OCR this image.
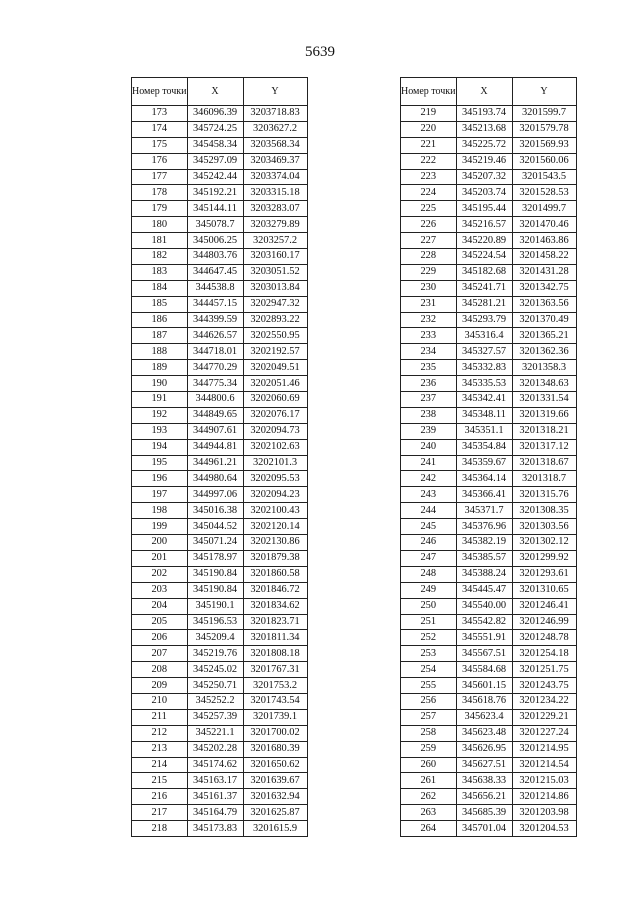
5639
Номер точки	X	Y
173	346096.39	3203718.83
174	345724.25	3203627.2
175	345458.34	3203568.34
176	345297.09	3203469.37
177	345242.44	3203374.04
178	345192.21	3203315.18
179	345144.11	3203283.07
180	345078.7	3203279.89
181	345006.25	3203257.2
182	344803.76	3203160.17
183	344647.45	3203051.52
184	344538.8	3203013.84
185	344457.15	3202947.32
186	344399.59	3202893.22
187	344626.57	3202550.95
188	344718.01	3202192.57
189	344770.29	3202049.51
190	344775.34	3202051.46
191	344800.6	3202060.69
192	344849.65	3202076.17
193	344907.61	3202094.73
194	344944.81	3202102.63
195	344961.21	3202101.3
196	344980.64	3202095.53
197	344997.06	3202094.23
198	345016.38	3202100.43
199	345044.52	3202120.14
200	345071.24	3202130.86
201	345178.97	3201879.38
202	345190.84	3201860.58
203	345190.84	3201846.72
204	345190.1	3201834.62
205	345196.53	3201823.71
206	345209.4	3201811.34
207	345219.76	3201808.18
208	345245.02	3201767.31
209	345250.71	3201753.2
210	345252.2	3201743.54
211	345257.39	3201739.1
212	345221.1	3201700.02
213	345202.28	3201680.39
214	345174.62	3201650.62
215	345163.17	3201639.67
216	345161.37	3201632.94
217	345164.79	3201625.87
218	345173.83	3201615.9
Номер точки	X	Y
219	345193.74	3201599.7
220	345213.68	3201579.78
221	345225.72	3201569.93
222	345219.46	3201560.06
223	345207.32	3201543.5
224	345203.74	3201528.53
225	345195.44	3201499.7
226	345216.57	3201470.46
227	345220.89	3201463.86
228	345224.54	3201458.22
229	345182.68	3201431.28
230	345241.71	3201342.75
231	345281.21	3201363.56
232	345293.79	3201370.49
233	345316.4	3201365.21
234	345327.57	3201362.36
235	345332.83	3201358.3
236	345335.53	3201348.63
237	345342.41	3201331.54
238	345348.11	3201319.66
239	345351.1	3201318.21
240	345354.84	3201317.12
241	345359.67	3201318.67
242	345364.14	3201318.7
243	345366.41	3201315.76
244	345371.7	3201308.35
245	345376.96	3201303.56
246	345382.19	3201302.12
247	345385.57	3201299.92
248	345388.24	3201293.61
249	345445.47	3201310.65
250	345540.00	3201246.41
251	345542.82	3201246.99
252	345551.91	3201248.78
253	345567.51	3201254.18
254	345584.68	3201251.75
255	345601.15	3201243.75
256	345618.76	3201234.22
257	345623.4	3201229.21
258	345623.48	3201227.24
259	345626.95	3201214.95
260	345627.51	3201214.54
261	345638.33	3201215.03
262	345656.21	3201214.86
263	345685.39	3201203.98
264	345701.04	3201204.53
